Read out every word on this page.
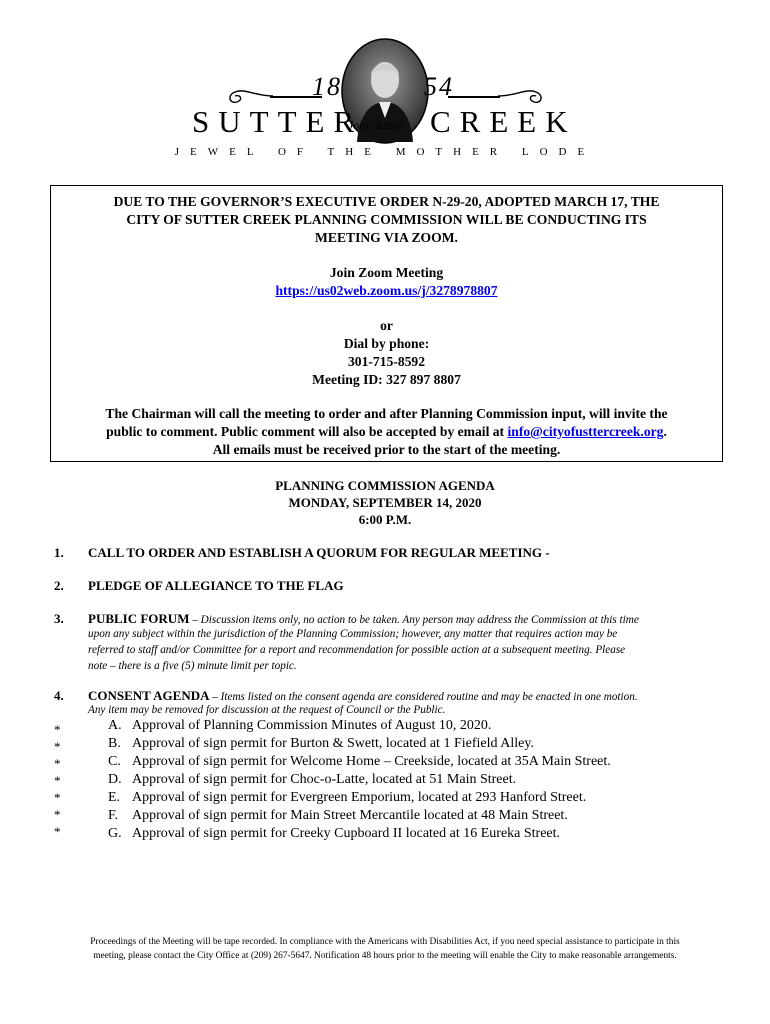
18	54
SUTTER CREEK
John Sutter
JEWEL OF THE MOTHER LODE
DUE TO THE GOVERNOR’S EXECUTIVE ORDER N-29-20, ADOPTED MARCH 17, THE
CITY OF SUTTER CREEK PLANNING COMMISSION WILL BE CONDUCTING ITS
MEETING VIA ZOOM.
Join Zoom Meeting
https://us02web.zoom.us/j/3278978807
or
Dial by phone:
301-715-8592
Meeting ID: 327 897 8807
The Chairman will call the meeting to order and after Planning Commission input, will invite the
public to comment. Public comment will also be accepted by email at info@cityofusttercreek.org.
All emails must be received prior to the start of the meeting.
PLANNING COMMISSION AGENDA
MONDAY, SEPTEMBER 14, 2020
6:00 P.M.
1. CALL TO ORDER AND ESTABLISH A QUORUM FOR REGULAR MEETING -
2. PLEDGE OF ALLEGIANCE TO THE FLAG
3. PUBLIC FORUM – Discussion items only, no action to be taken. Any person may address the Commission at this time
upon any subject within the jurisdiction of the Planning Commission; however, any matter that requires action may be
referred to staff and/or Committee for a report and recommendation for possible action at a subsequent meeting. Please
note – there is a five (5) minute limit per topic.
4. CONSENT AGENDA – Items listed on the consent agenda are considered routine and may be enacted in one motion.
Any item may be removed for discussion at the request of Council or the Public.
*	A. Approval of Planning Commission Minutes of August 10, 2020.
*	B. Approval of sign permit for Burton & Swett, located at 1 Fiefield Alley.
*	C. Approval of sign permit for Welcome Home – Creekside, located at 35A Main Street.
*	D. Approval of sign permit for Choc-o-Latte, located at 51 Main Street.
*	E. Approval of sign permit for Evergreen Emporium, located at 293 Hanford Street.
*	F. Approval of sign permit for Main Street Mercantile located at 48 Main Street.
*	G. Approval of sign permit for Creeky Cupboard II located at 16 Eureka Street.
Proceedings of the Meeting will be tape recorded. In compliance with the Americans with Disabilities Act, if you need special assistance to participate in this
meeting, please contact the City Office at (209) 267-5647. Notification 48 hours prior to the meeting will enable the City to make reasonable arrangements.
